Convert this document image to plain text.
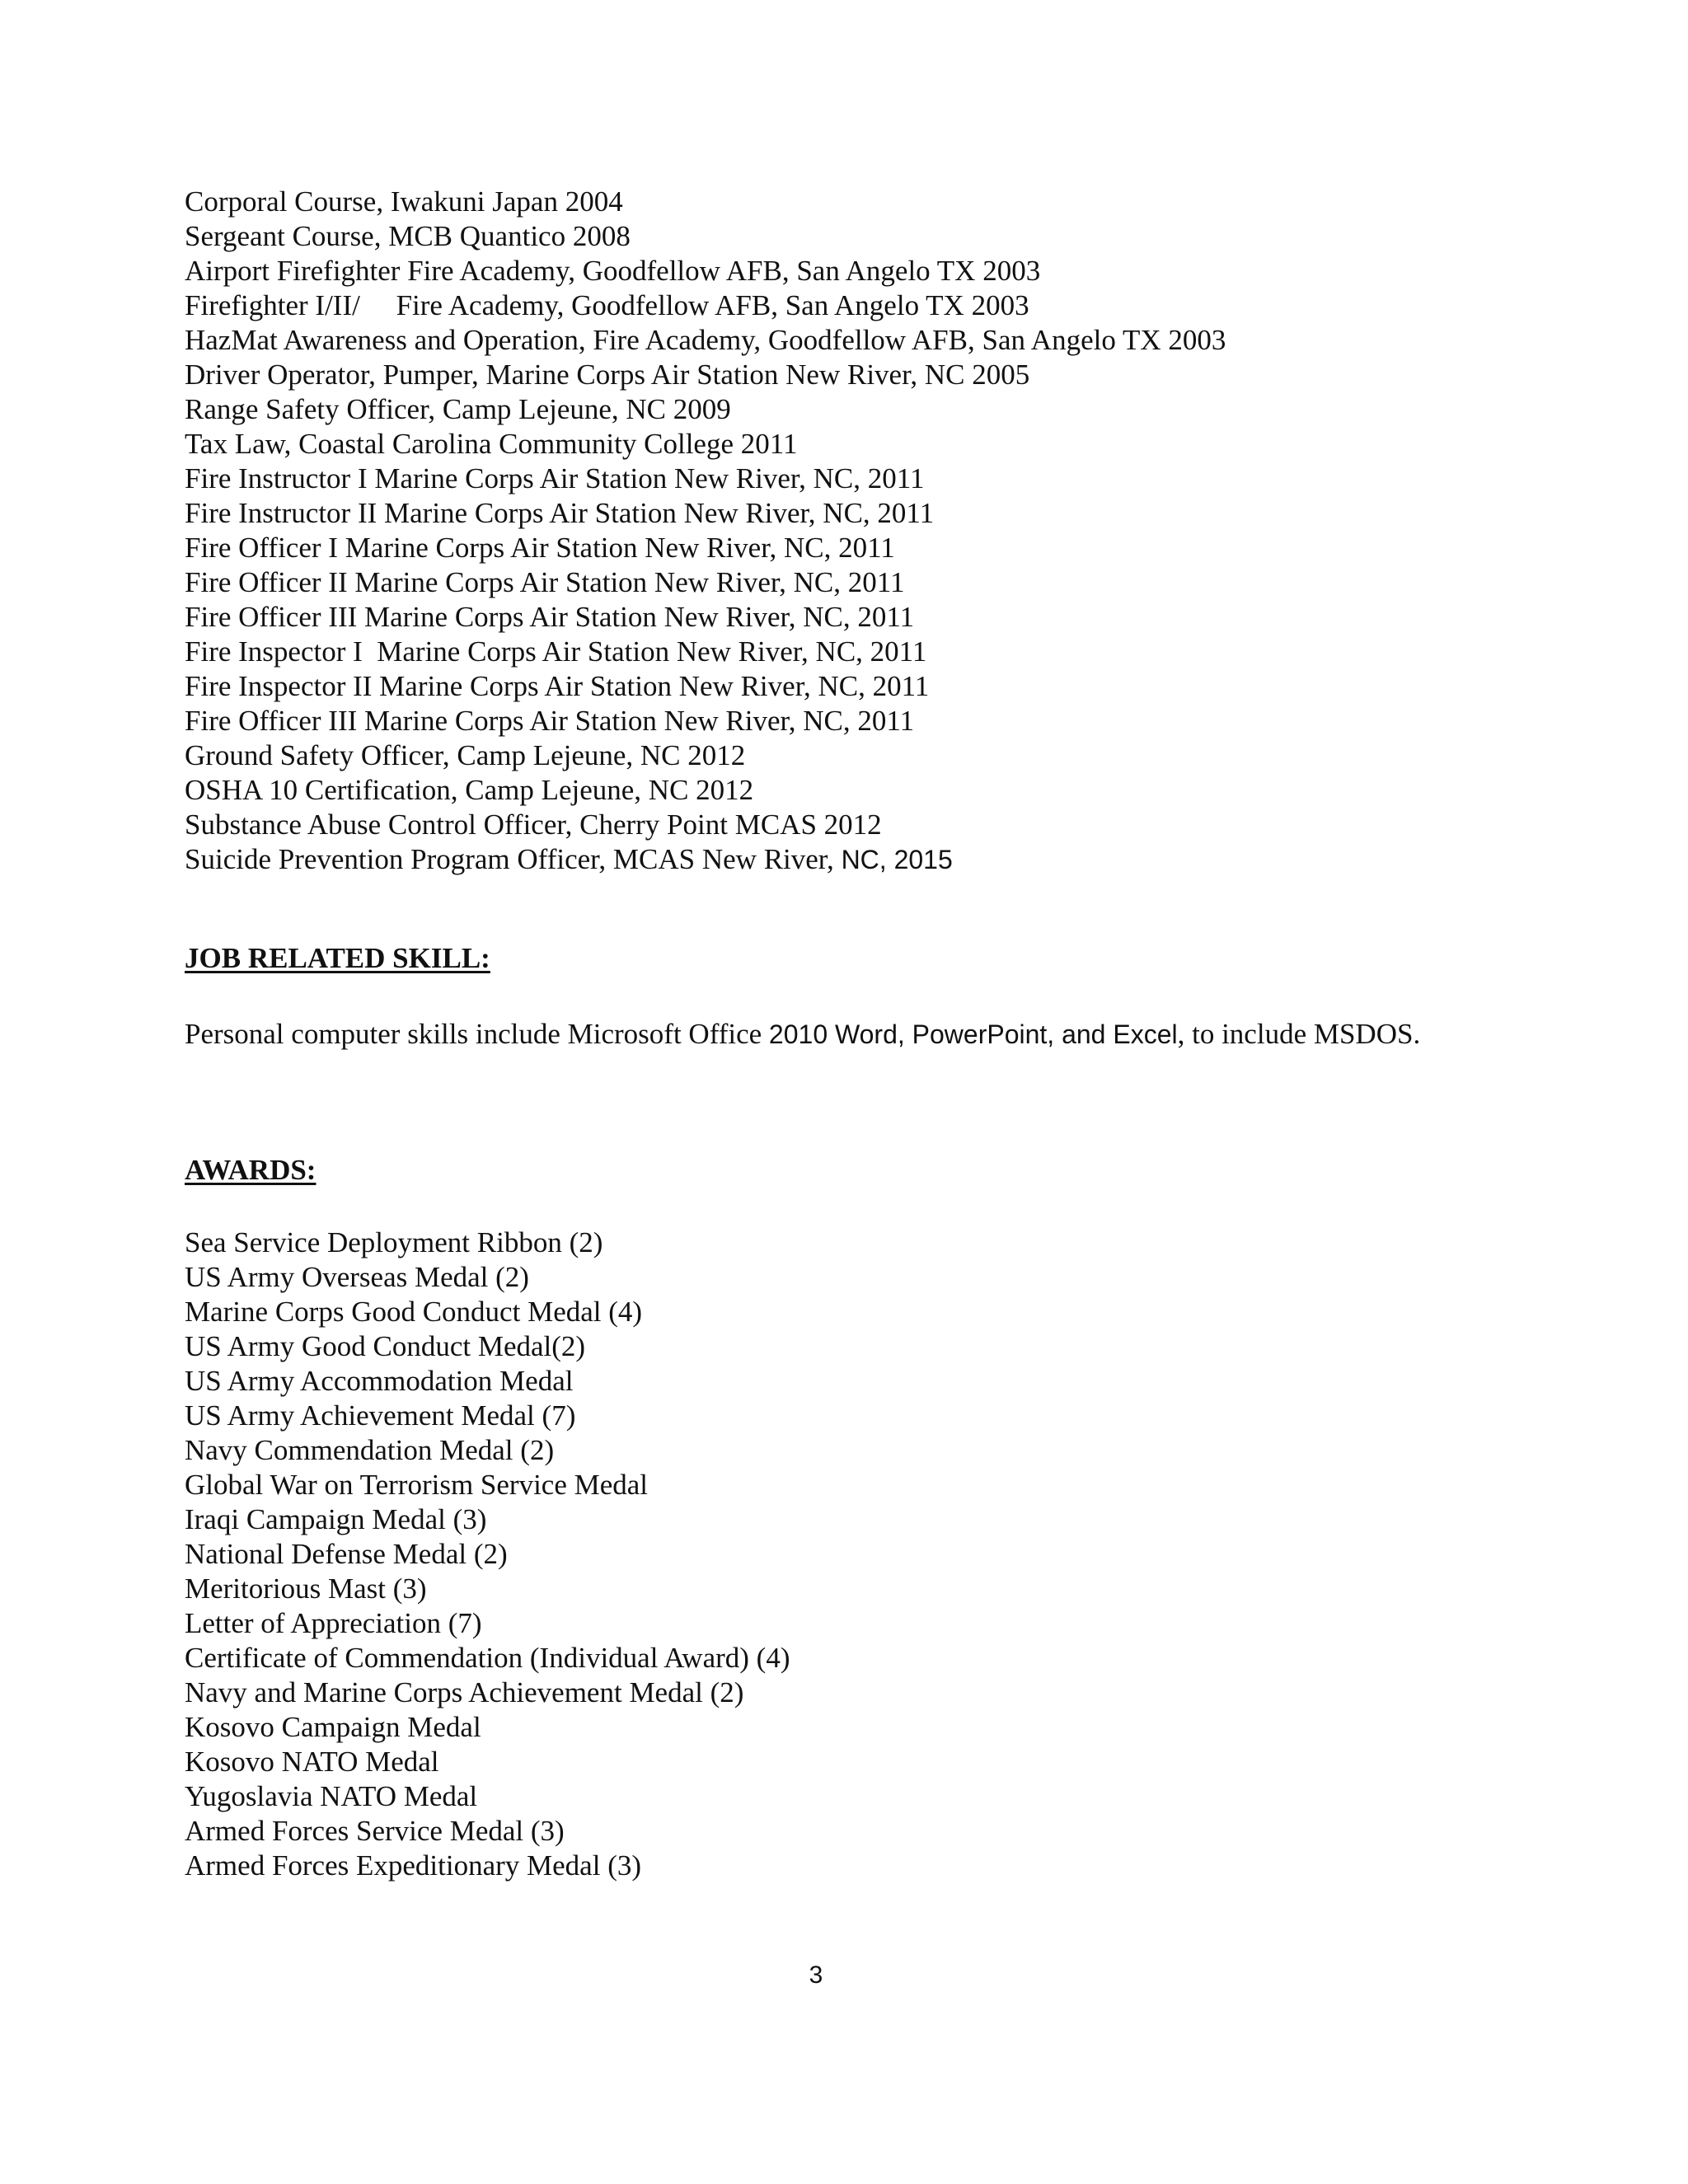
Corporal Course, Iwakuni Japan 2004
Sergeant Course, MCB Quantico 2008
Airport Firefighter Fire Academy, Goodfellow AFB, San Angelo TX 2003
Firefighter I/II/     Fire Academy, Goodfellow AFB, San Angelo TX 2003
HazMat Awareness and Operation, Fire Academy, Goodfellow AFB, San Angelo TX 2003
Driver Operator, Pumper, Marine Corps Air Station New River, NC 2005
Range Safety Officer, Camp Lejeune, NC 2009
Tax Law, Coastal Carolina Community College 2011
Fire Instructor I Marine Corps Air Station New River, NC, 2011
Fire Instructor II Marine Corps Air Station New River, NC, 2011
Fire Officer I Marine Corps Air Station New River, NC, 2011
Fire Officer II Marine Corps Air Station New River, NC, 2011
Fire Officer III Marine Corps Air Station New River, NC, 2011
Fire Inspector I  Marine Corps Air Station New River, NC, 2011
Fire Inspector II Marine Corps Air Station New River, NC, 2011
Fire Officer III Marine Corps Air Station New River, NC, 2011
Ground Safety Officer, Camp Lejeune, NC 2012
OSHA 10 Certification, Camp Lejeune, NC 2012
Substance Abuse Control Officer, Cherry Point MCAS 2012
Suicide Prevention Program Officer, MCAS New River, NC, 2015
JOB RELATED SKILL:
Personal computer skills include Microsoft Office 2010 Word, PowerPoint, and Excel, to include MSDOS.
AWARDS:
Sea Service Deployment Ribbon (2)
US Army Overseas Medal (2)
Marine Corps Good Conduct Medal (4)
US Army Good Conduct Medal(2)
US Army Accommodation Medal
US Army Achievement Medal (7)
Navy Commendation Medal (2)
Global War on Terrorism Service Medal
Iraqi Campaign Medal (3)
National Defense Medal (2)
Meritorious Mast (3)
Letter of Appreciation (7)
Certificate of Commendation (Individual Award) (4)
Navy and Marine Corps Achievement Medal (2)
Kosovo Campaign Medal
Kosovo NATO Medal
Yugoslavia NATO Medal
Armed Forces Service Medal (3)
Armed Forces Expeditionary Medal (3)
3
